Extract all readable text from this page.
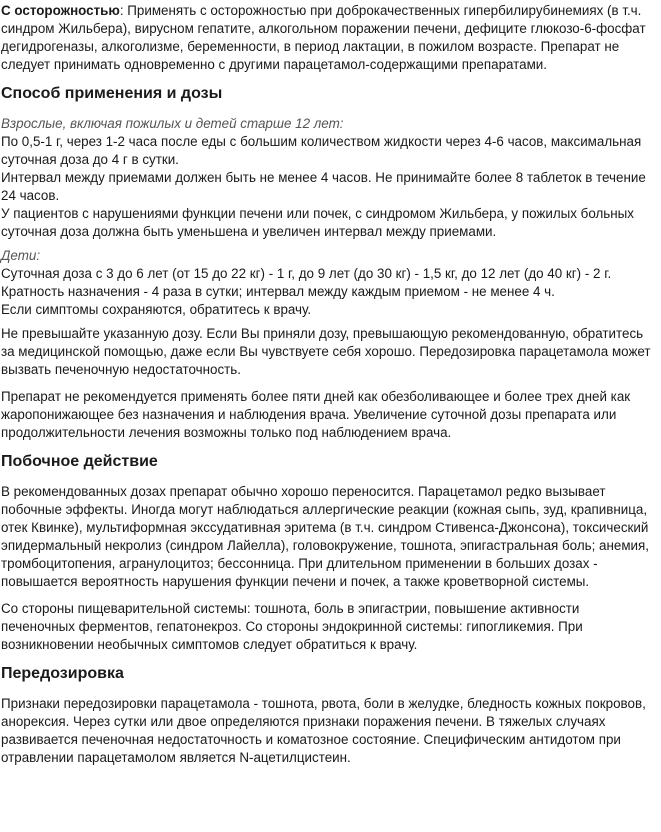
С осторожностью: Применять с осторожностью при доброкачественных гипербилирубинемиях (в т.ч. синдром Жильбера), вирусном гепатите, алкогольном поражении печени, дефиците глюкозо-6-фосфат дегидрогеназы, алкоголизме, беременности, в период лактации, в пожилом возрасте. Препарат не следует принимать одновременно с другими парацетамол-содержащими препаратами.

Способ применения и дозы

Взрослые, включая пожилых и детей старше 12 лет:
По 0,5-1 г, через 1-2 часа после еды с большим количеством жидкости через 4-6 часов, максимальная суточная доза до 4 г в сутки.
Интервал между приемами должен быть не менее 4 часов. Не принимайте более 8 таблеток в течение 24 часов.
У пациентов с нарушениями функции печени или почек, с синдромом Жильбера, у пожилых больных суточная доза должна быть уменьшена и увеличен интервал между приемами.

Дети:
Суточная доза с 3 до 6 лет (от 15 до 22 кг) - 1 г, до 9 лет (до 30 кг) - 1,5 кг, до 12 лет (до 40 кг) - 2 г. Кратность назначения - 4 раза в сутки; интервал между каждым приемом - не менее 4 ч.
Если симптомы сохраняются, обратитесь к врачу.

Не превышайте указанную дозу. Если Вы приняли дозу, превышающую рекомендованную, обратитесь за медицинской помощью, даже если Вы чувствуете себя хорошо. Передозировка парацетамола может вызвать печеночную недостаточность.

Препарат не рекомендуется применять более пяти дней как обезболивающее и более трех дней как жаропонижающее без назначения и наблюдения врача. Увеличение суточной дозы препарата или продолжительности лечения возможны только под наблюдением врача.

Побочное действие

В рекомендованных дозах препарат обычно хорошо переносится. Парацетамол редко вызывает побочные эффекты. Иногда могут наблюдаться аллергические реакции (кожная сыпь, зуд, крапивница, отек Квинке), мультиформная экссудативная эритема (в т.ч. синдром Стивенса-Джонсона), токсический эпидермальный некролиз (синдром Лайелла), головокружение, тошнота, эпигастральная боль; анемия, тромбоцитопения, агранулоцитоз; бессонница. При длительном применении в больших дозах - повышается вероятность нарушения функции печени и почек, а также кроветворной системы.

Со стороны пищеварительной системы: тошнота, боль в эпигастрии, повышение активности печеночных ферментов, гепатонекроз. Со стороны эндокринной системы: гипогликемия. При возникновении необычных симптомов следует обратиться к врачу.

Передозировка

Признаки передозировки парацетамола - тошнота, рвота, боли в желудке, бледность кожных покровов, анорексия. Через сутки или двое определяются признаки поражения печени. В тяжелых случаях развивается печеночная недостаточность и коматозное состояние. Специфическим антидотом при отравлении парацетамолом является N-ацетилцистеин.
